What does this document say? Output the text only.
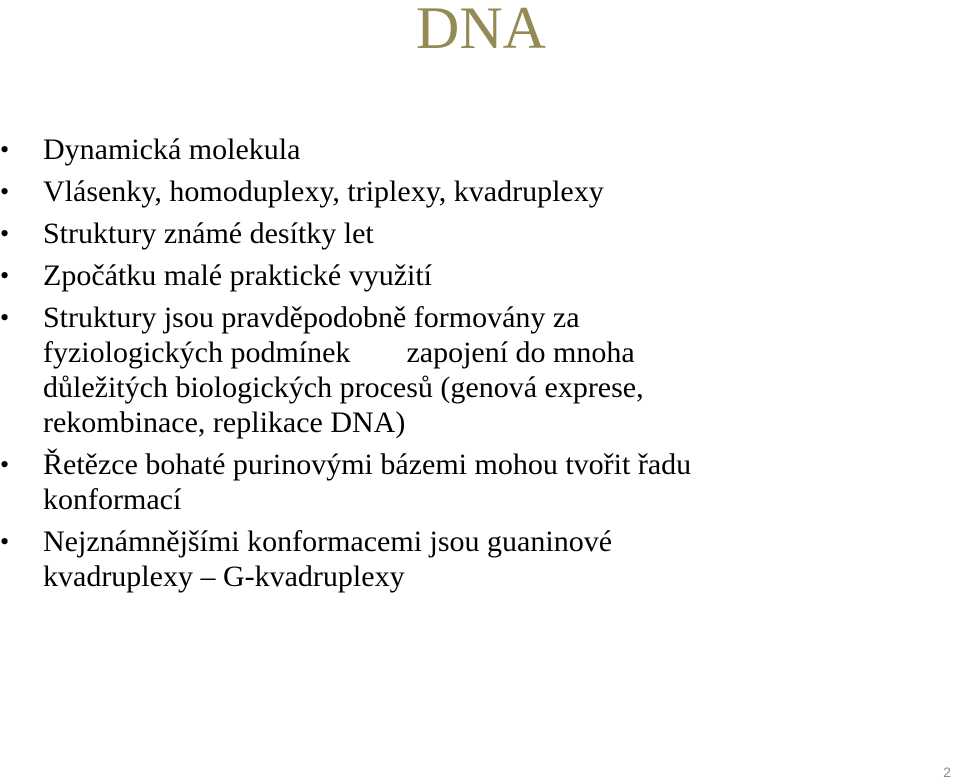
DNA
•	Dynamická molekula
•	Vlásenky, homoduplexy, triplexy, kvadruplexy
•	Struktury známé desítky let
•	Zpočátku malé praktické využití
•	Struktury jsou pravděpodobně formovány za
fyziologických podmínek zapojení do mnoha
důležitých biologických procesů (genová exprese,
rekombinace, replikace DNA)
•	Řetězce bohaté purinovými bázemi mohou tvořit řadu
konformací
•	Nejznámnějšími konformacemi jsou guaninové
kvadruplexy – G-kvadruplexy
2
